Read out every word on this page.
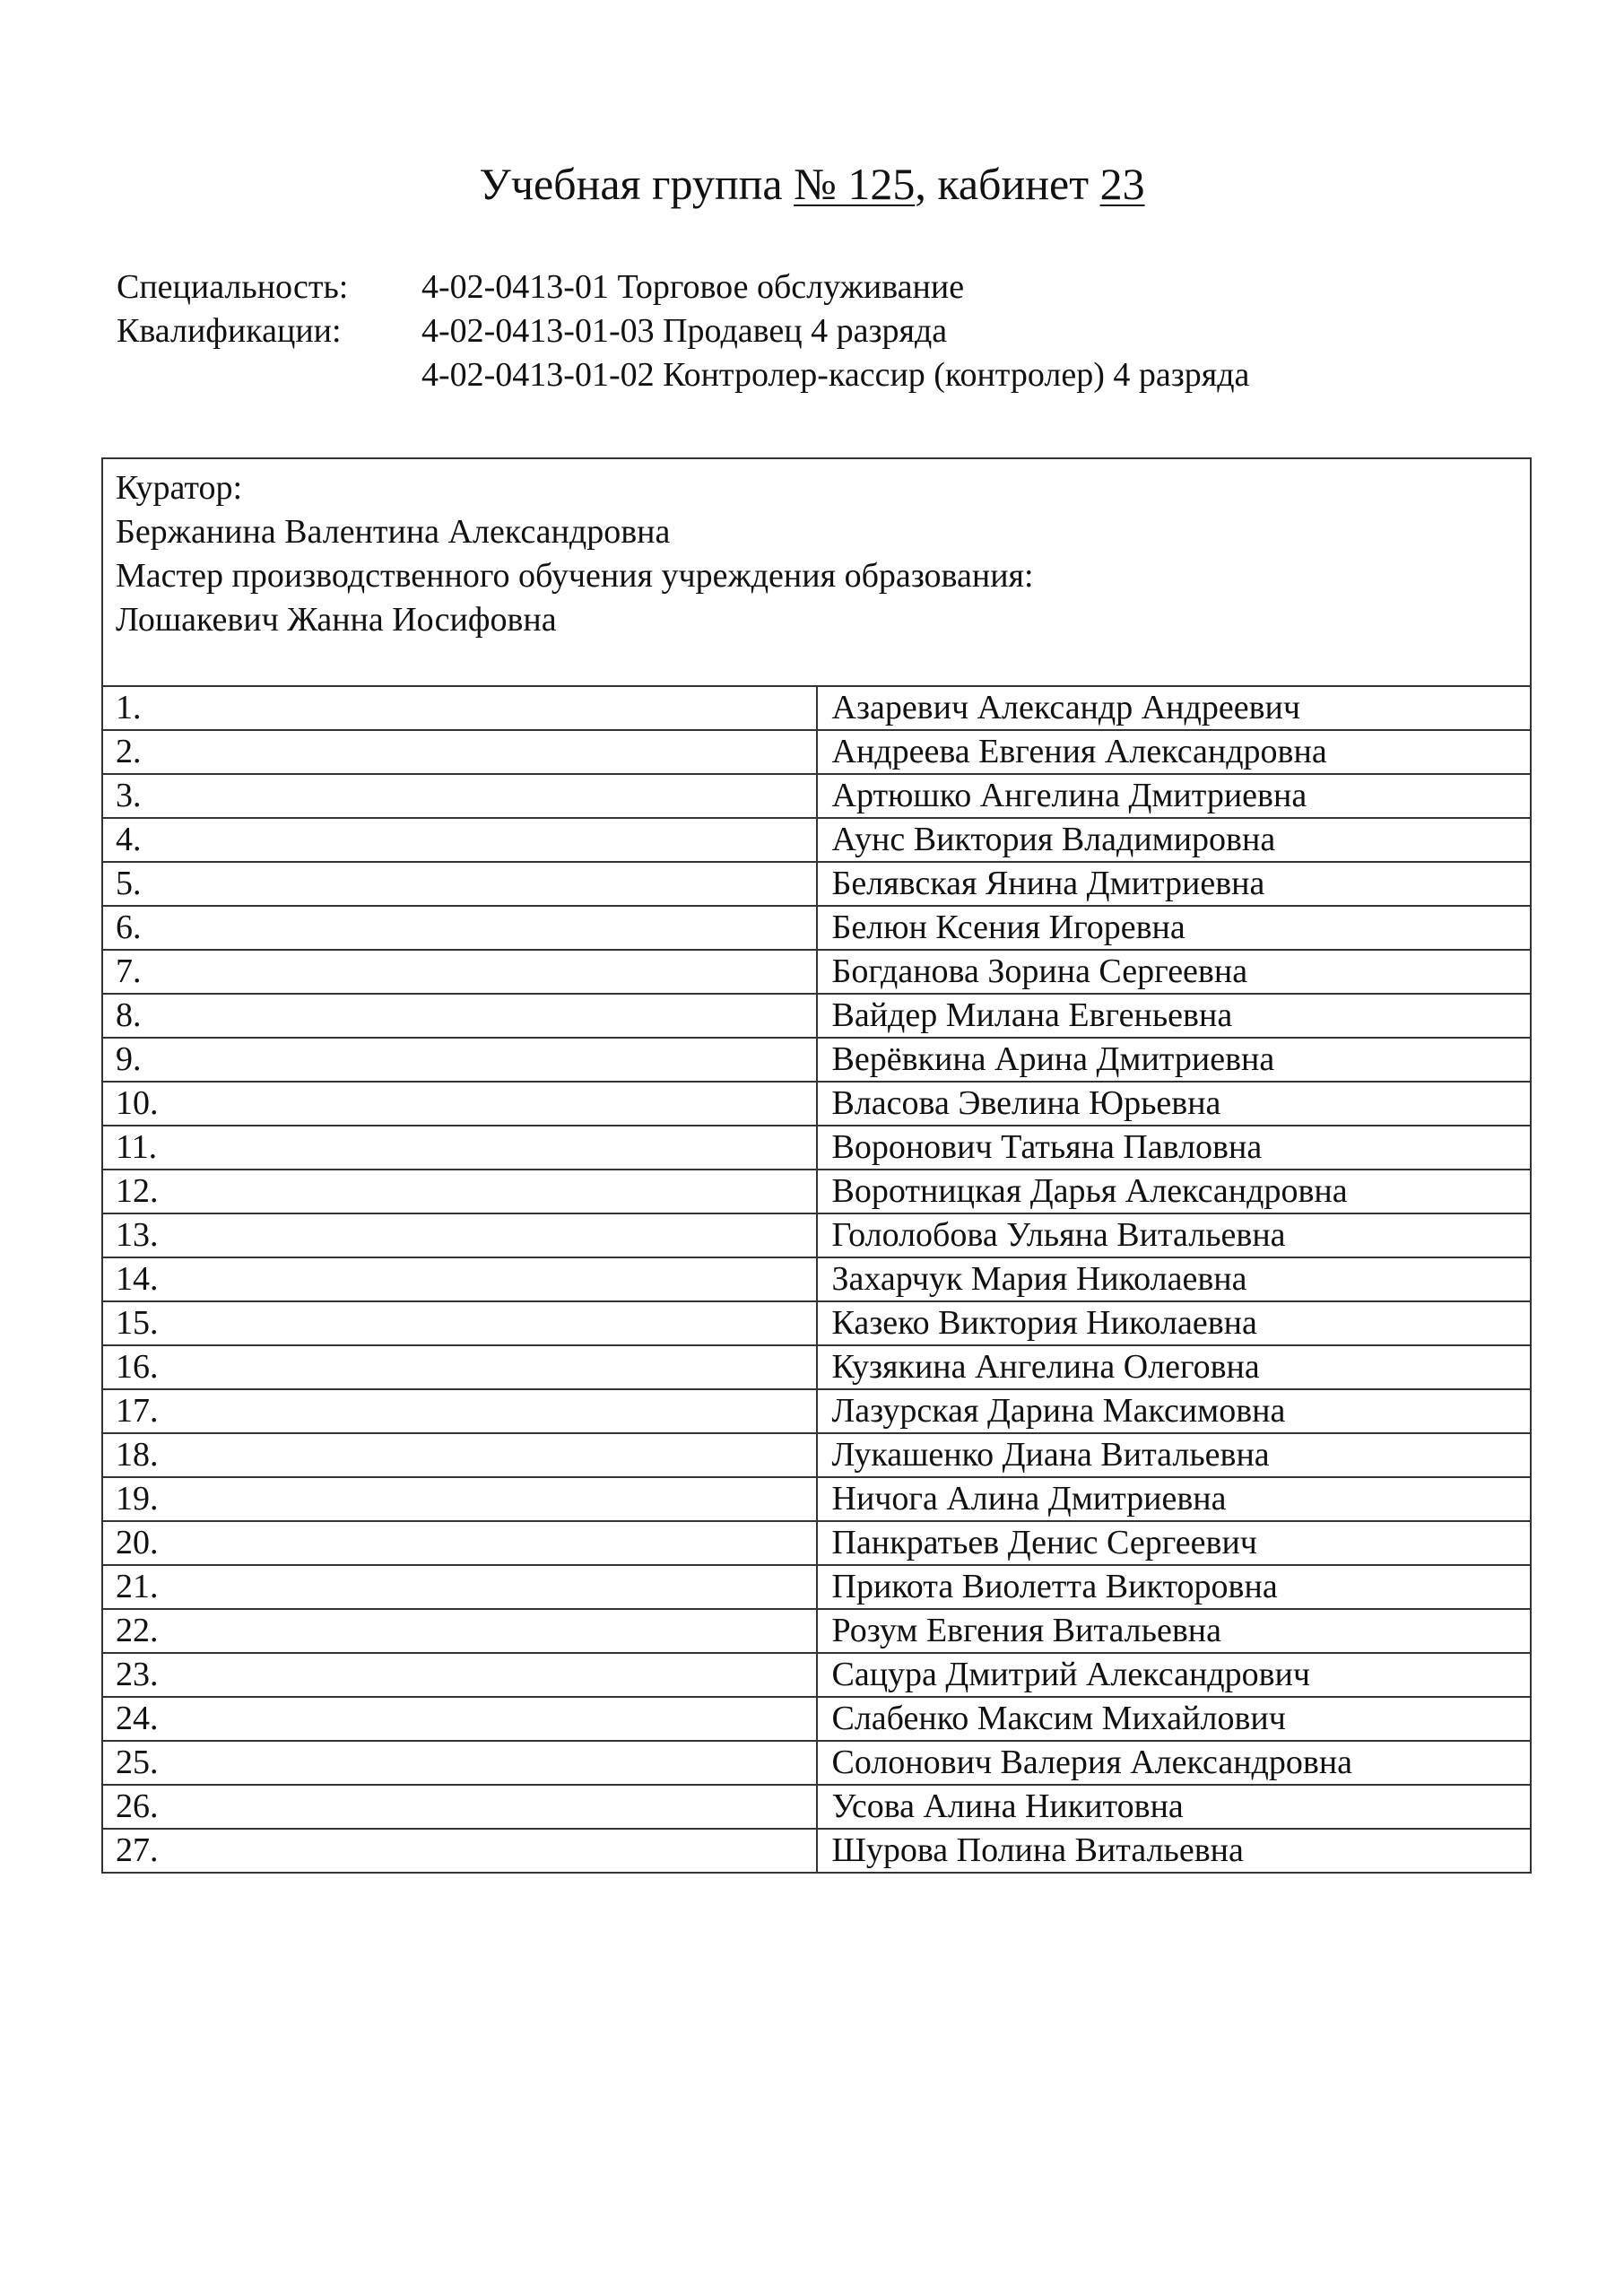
Учебная группа № 125, кабинет 23
Специальность:	4-02-0413-01 Торговое обслуживание
Квалификации:	4-02-0413-01-03 Продавец 4 разряда
4-02-0413-01-02 Контролер-кассир (контролер) 4 разряда
Куратор:
Бержанина Валентина Александровна
Мастер производственного обучения учреждения образования:
Лошакевич Жанна Иосифовна	

1.	Азаревич Александр Андреевич
2.	Андреева Евгения Александровна
3.	Артюшко Ангелина Дмитриевна
4.	Аунс Виктория Владимировна
5.	Белявская Янина Дмитриевна
6.	Белюн Ксения Игоревна
7.	Богданова Зорина Сергеевна
8.	Вайдер Милана Евгеньевна
9.	Верёвкина Арина Дмитриевна
10.	Власова Эвелина Юрьевна
11.	Воронович Татьяна Павловна
12.	Воротницкая Дарья Александровна
13.	Гололобова Ульяна Витальевна
14.	Захарчук Мария Николаевна
15.	Казеко Виктория Николаевна
16.	Кузякина Ангелина Олеговна
17.	Лазурская Дарина Максимовна
18.	Лукашенко Диана Витальевна
19.	Ничога Алина Дмитриевна
20.	Панкратьев Денис Сергеевич
21.	Прикота Виолетта Викторовна
22.	Розум Евгения Витальевна
23.	Сацура Дмитрий Александрович
24.	Слабенко Максим Михайлович
25.	Солонович Валерия Александровна
26.	Усова Алина Никитовна
27.	Шурова Полина Витальевна
